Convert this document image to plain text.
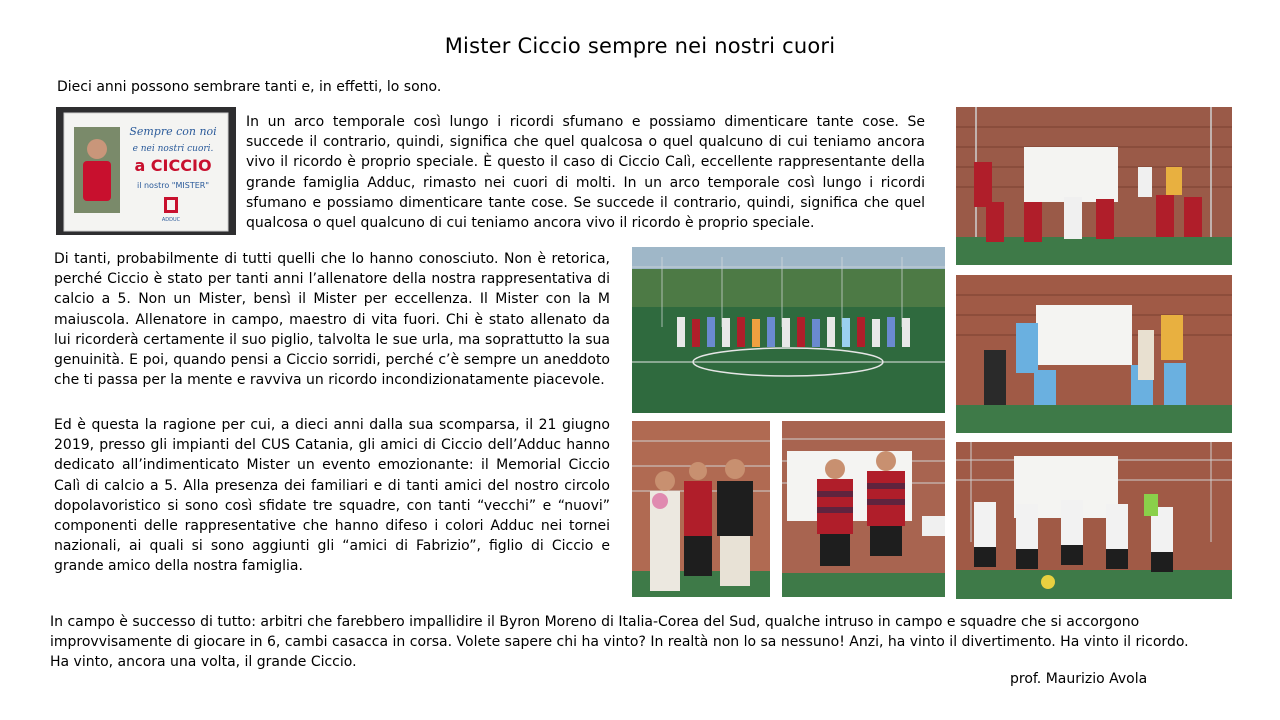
Mister Ciccio sempre nei nostri cuori
Dieci anni possono sembrare tanti e, in effetti, lo sono.
Sempre con noi
e nei nostri cuori.
a CICCIO
il nostro "MISTER"
ADDUC

In un arco temporale così lungo i ricordi sfumano e possiamo dimenticare tante cose. Se succede il contrario, quindi, significa che quel qualcosa o quel qualcuno di cui teniamo ancora vivo il ricordo è proprio speciale. È questo il caso di Ciccio Calì, eccellente rappresentante della grande famiglia Adduc, rimasto nei cuori di molti. In un arco temporale così lungo i ricordi sfumano e possiamo dimenticare tante cose. Se succede il contrario, quindi, significa che quel qualcosa o quel qualcuno di cui teniamo ancora vivo il ricordo è proprio speciale.

Di tanti, probabilmente di tutti quelli che lo hanno conosciuto. Non è retorica, perché Ciccio è stato per tanti anni l’allenatore della nostra rappresentativa di calcio a 5. Non un Mister, bensì il Mister per eccellenza. Il Mister con la M maiuscola. Allenatore in campo, maestro di vita fuori. Chi è stato allenato da lui ricorderà certamente il suo piglio, talvolta le sue urla, ma soprattutto la sua genuinità. E poi, quando pensi a Ciccio sorridi, perché c’è sempre un aneddoto che ti passa per la mente e ravviva un ricordo incondizionatamente piacevole.

Ed è questa la ragione per cui, a dieci anni dalla sua scomparsa, il 21 giugno 2019, presso gli impianti del CUS Catania, gli amici di Ciccio dell’Adduc hanno dedicato all’indimenticato Mister un evento emozionante: il Memorial Ciccio Calì di calcio a 5. Alla presenza dei familiari e di tanti amici del nostro circolo dopolavoristico si sono così sfidate tre squadre, con tanti “vecchi” e “nuovi” componenti delle rappresentative che hanno difeso i colori Adduc nei tornei nazionali, ai quali si sono aggiunti gli “amici di Fabrizio”, figlio di Ciccio e grande amico della nostra famiglia.

In campo è successo di tutto: arbitri che farebbero impallidire il Byron Moreno di Italia-Corea del Sud, qualche intruso in campo e squadre che si accorgono improvvisamente di giocare in 6, cambi casacca in corsa. Volete sapere chi ha vinto? In realtà non lo sa nessuno! Anzi, ha vinto il divertimento. Ha vinto il ricordo. Ha vinto, ancora una volta, il grande Ciccio.

prof. Maurizio Avola
